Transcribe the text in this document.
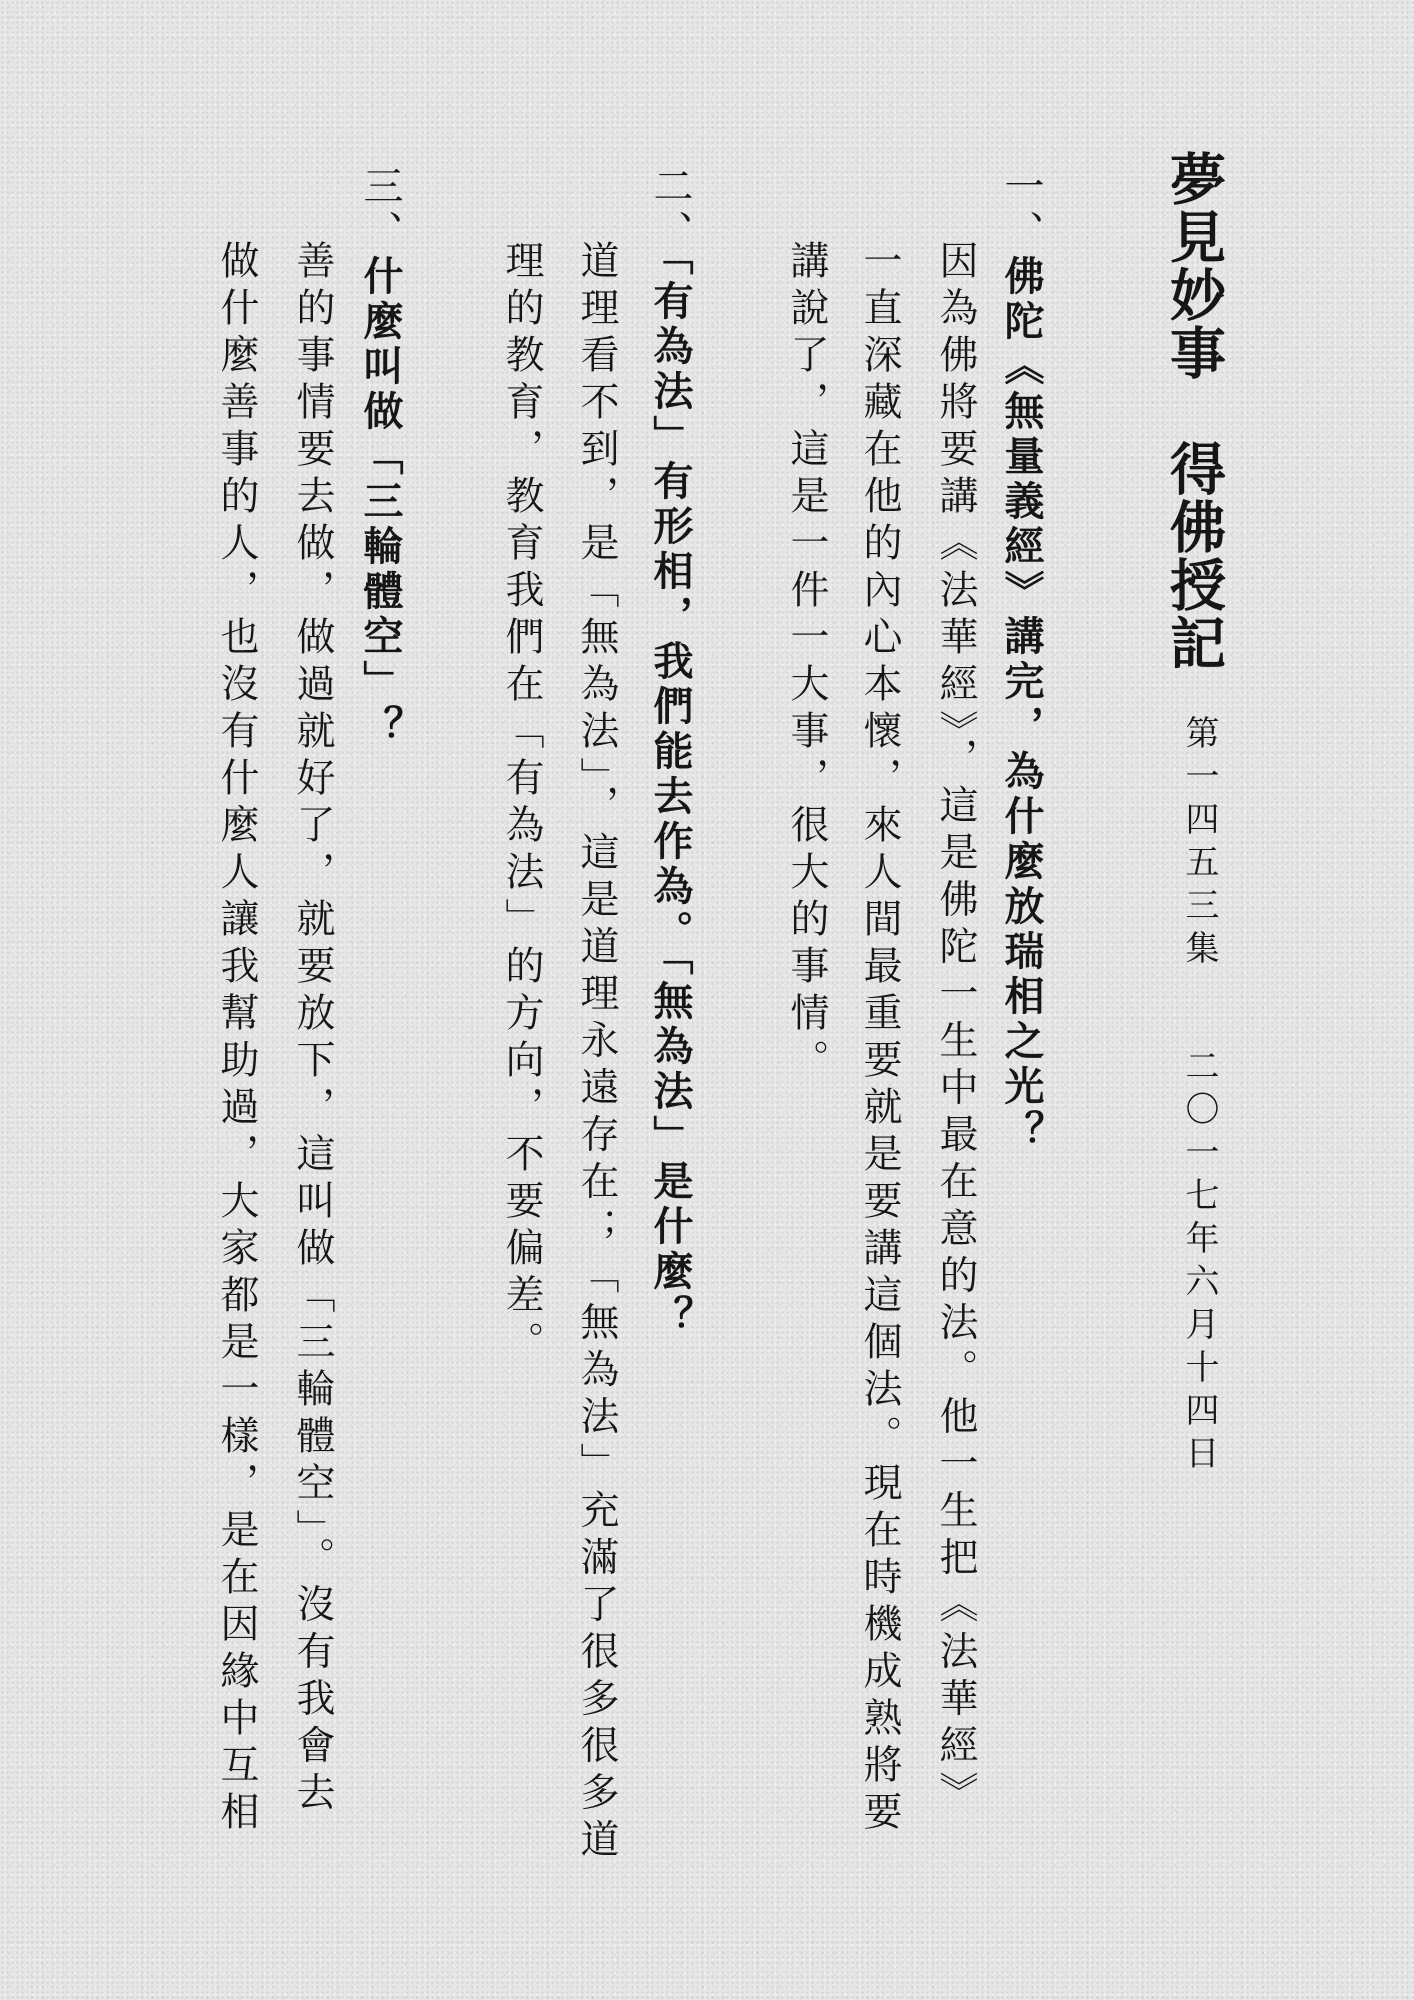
夢見妙事　得佛授記
第一四五三集
二〇一七年六月十四日
一、佛陀《無量義經》講完，為什麼放瑞相之光？
因為佛將要講《法華經》，這是佛陀一生中最在意的法。他一生把《法華經》
一直深藏在他的內心本懷，來人間最重要就是要講這個法。現在時機成熟將要
講說了，這是一件一大事，很大的事情。
二、「有為法」有形相，我們能去作為。「無為法」是什麼？
道理看不到，是「無為法」，這是道理永遠存在；「無為法」充滿了很多很多道
理的教育，教育我們在「有為法」的方向，不要偏差。
三、什麼叫做「三輪體空」？
善的事情要去做，做過就好了，就要放下，這叫做「三輪體空」。沒有我會去
做什麼善事的人，也沒有什麼人讓我幫助過，大家都是一樣，是在因緣中互相
